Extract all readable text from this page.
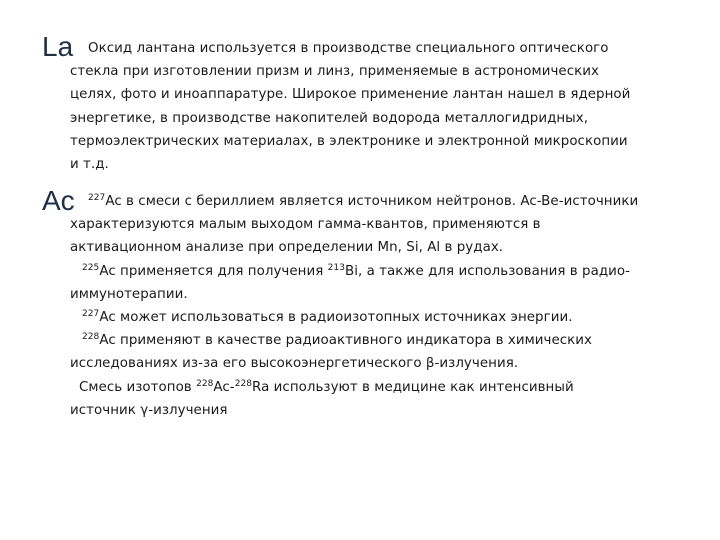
La	Оксид лантана используется в производстве специального оптического
стекла при изготовлении призм и линз, применяемые в астрономических
целях, фото и иноаппаратуре. Широкое применение лантан нашел в ядерной
энергетике, в производстве накопителей водорода металлогидридных,
термоэлектрических материалах, в электронике и электронной микроскопии
и т.д.
Ac	$^{227}$Ac в смеси с бериллием является источником нейтронов. Ac-Be-источники
характеризуются малым выходом гамма-квантов, применяются в
активационном анализе при определении Mn, Si, Al в рудах.
$^{225}$Ac применяется для получения $^{213}$Bi, а также для использования в радио-
иммунотерапии.
$^{227}$Ac может использоваться в радиоизотопных источниках энергии.
$^{228}$Ac применяют в качестве радиоактивного индикатора в химических
исследованиях из-за его высокоэнергетического β-излучения.
Смесь изотопов $^{228}$Ac-$^{228}$Ra используют в медицине как интенсивный
источник γ-излучения
